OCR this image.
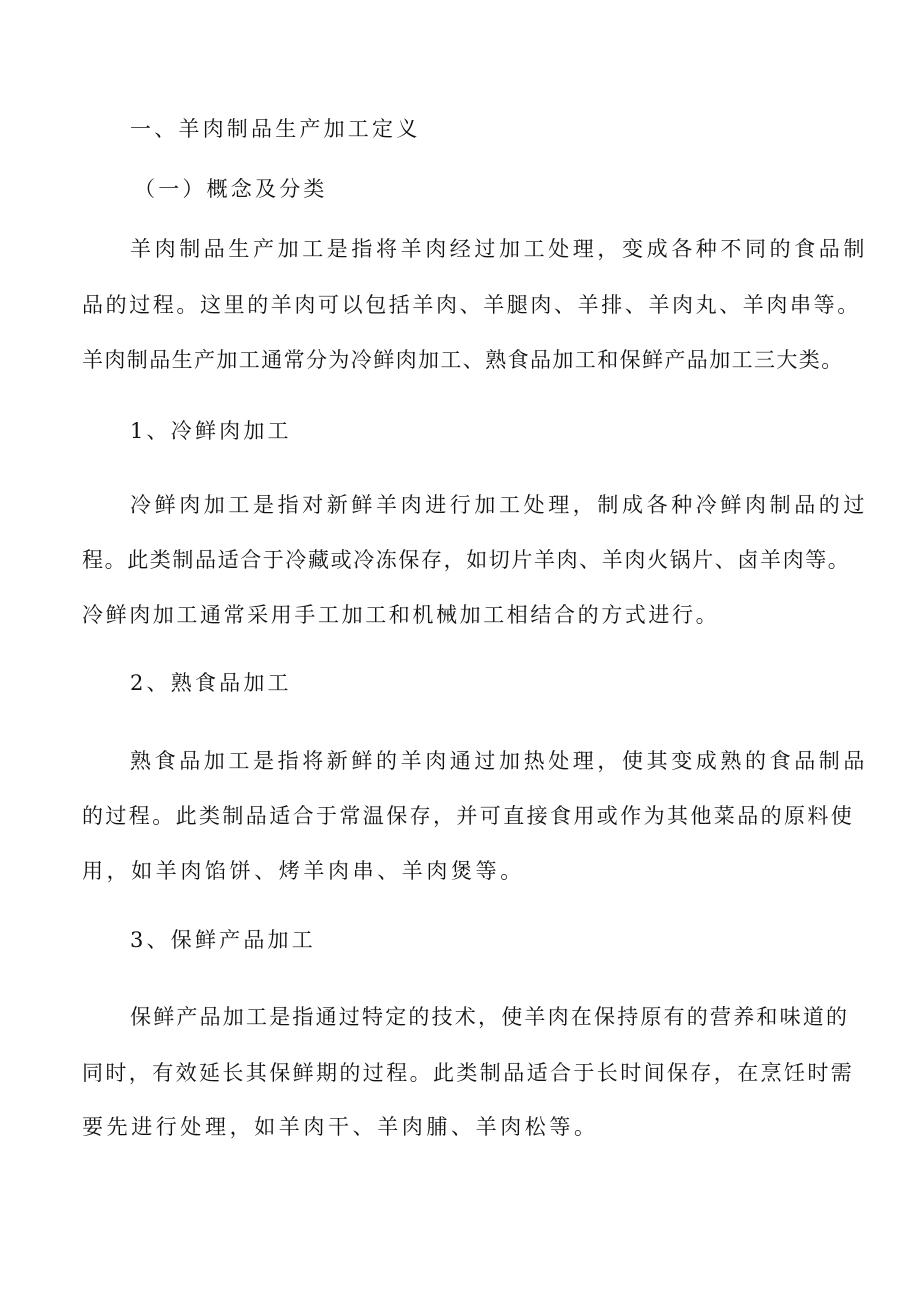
一、羊肉制品生产加工定义
（一）概念及分类
羊肉制品生产加工是指将羊肉经过加工处理，变成各种不同的食品制
品的过程。这里的羊肉可以包括羊肉、羊腿肉、羊排、羊肉丸、羊肉串等。
羊肉制品生产加工通常分为冷鲜肉加工、熟食品加工和保鲜产品加工三大类。
1、冷鲜肉加工
冷鲜肉加工是指对新鲜羊肉进行加工处理，制成各种冷鲜肉制品的过
程。此类制品适合于冷藏或冷冻保存，如切片羊肉、羊肉火锅片、卤羊肉等。
冷鲜肉加工通常采用手工加工和机械加工相结合的方式进行。
2、熟食品加工
熟食品加工是指将新鲜的羊肉通过加热处理，使其变成熟的食品制品
的过程。此类制品适合于常温保存，并可直接食用或作为其他菜品的原料使
用，如羊肉馅饼、烤羊肉串、羊肉煲等。
3、保鲜产品加工
保鲜产品加工是指通过特定的技术，使羊肉在保持原有的营养和味道的
同时，有效延长其保鲜期的过程。此类制品适合于长时间保存，在烹饪时需
要先进行处理，如羊肉干、羊肉脯、羊肉松等。
